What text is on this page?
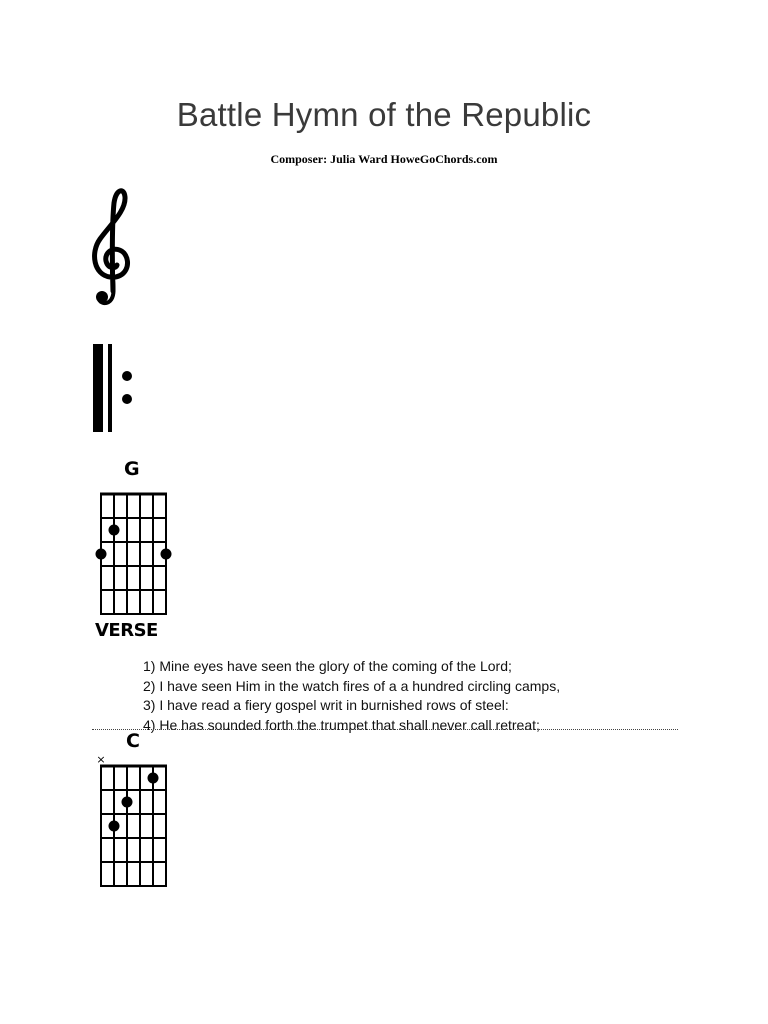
Battle Hymn of the Republic
Composer: Julia Ward HoweGoChords.com
G
VERSE
1) Mine eyes have seen the glory of the coming of the Lord;
2) I have seen Him in the watch fires of a a hundred circling camps,
3) I have read a fiery gospel writ in burnished rows of steel:
4) He has sounded forth the trumpet that shall never call retreat;
C
×
